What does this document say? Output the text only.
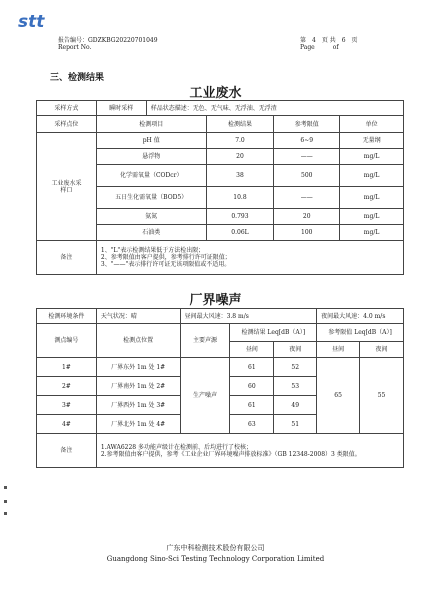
stt
报告编号：GDZKBG20220701049
Report No.
第　4　页 共　6　页
Page　　　of
三、检测结果
工业废水
采样方式	瞬时采样	样品状态描述：无色、无气味、无浮油、无浮渣			
采样点位	检测项目		检测结果	参考限值	单位
工业废水采样口	pH 值		7.0	6~9	无量纲
	悬浮物		20	——	mg/L
	化学需氧量（CODcr）		38	500	mg/L
	五日生化需氧量（BOD5）		10.8	——	mg/L
	氨氮		0.793	20	mg/L
	石油类		0.06L	100	mg/L
备注	1、"L"表示检测结果低于方法检出限；

2、参考限值由客户提供，参考排行许可证限值；

3、"——"表示排行许可证无该项限值或不适用。				

厂界噪声
检测环境条件	天气状况：晴	昼间最大风速：3.8 m/s			夜间最大风速：4.0 m/s	
测点编号	检测点位置	主要声源	检测结果 Leq[dB（A）]		参考限值 Leq[dB（A）]	
			昼间	夜间	昼间	夜间
1#	厂界东外 1m 处 1#	生产噪声	61	52	65	55
2#	厂界南外 1m 处 2#		60	53		
3#	厂界西外 1m 处 3#		61	49		
4#	厂界北外 1m 处 4#		63	51		
备注	1.AWA6228 多功能声级计在检测前、后均进行了校核；

2.参考限值由客户提供，参考《工业企业厂界环境噪声排放标准》（GB 12348-2008）3 类限值。					

广东中科检测技术股份有限公司
Guangdong Sino-Sci Testing Technology Corporation Limited
